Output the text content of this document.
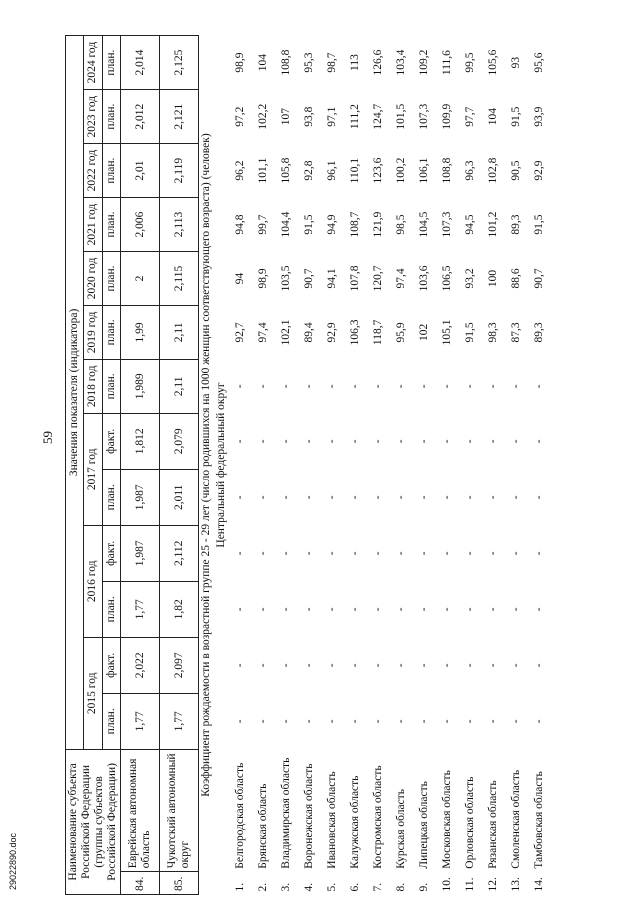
59
Наименование субъекта Российской Федерации (группы субъектов Российской Федерации)		Значения показателя (индикатора)												
		2015 год		2016 год		2017 год		2018 год	2019 год	2020 год	2021 год	2022 год	2023 год	2024 год
		план.	факт.	план.	факт.	план.	факт.	план.	план.	план.	план.	план.	план.	план.
84.	Еврейская автономная область	1,77	2,022	1,77	1,987	1,987	1,812	1,989	1,99	2	2,006	2,01	2,012	2,014
85.	Чукотский автономный округ	1,77	2,097	1,82	2,112	2,011	2,079	2,11	2,11	2,115	2,113	2,119	2,121	2,125
Коэффициент рождаемости в возрастной группе 25 - 29 лет (число родившихся на 1000 женщин соответствующего возраста) (человек)														
Центральный федеральный округ														
1.	Белгородская область	-	-	-	-	-	-	-	92,7	94	94,8	96,2	97,2	98,9
2.	Брянская область	-	-	-	-	-	-	-	97,4	98,9	99,7	101,1	102,2	104
3.	Владимирская область	-	-	-	-	-	-	-	102,1	103,5	104,4	105,8	107	108,8
4.	Воронежская область	-	-	-	-	-	-	-	89,4	90,7	91,5	92,8	93,8	95,3
5.	Ивановская область	-	-	-	-	-	-	-	92,9	94,1	94,9	96,1	97,1	98,7
6.	Калужская область	-	-	-	-	-	-	-	106,3	107,8	108,7	110,1	111,2	113
7.	Костромская область	-	-	-	-	-	-	-	118,7	120,7	121,9	123,6	124,7	126,6
8.	Курская область	-	-	-	-	-	-	-	95,9	97,4	98,5	100,2	101,5	103,4
9.	Липецкая область	-	-	-	-	-	-	-	102	103,6	104,5	106,1	107,3	109,2
10.	Московская область	-	-	-	-	-	-	-	105,1	106,5	107,3	108,8	109,9	111,6
11.	Орловская область	-	-	-	-	-	-	-	91,5	93,2	94,5	96,3	97,7	99,5
12.	Рязанская область	-	-	-	-	-	-	-	98,3	100	101,2	102,8	104	105,6
13.	Смоленская область	-	-	-	-	-	-	-	87,3	88,6	89,3	90,5	91,5	93
14.	Тамбовская область	-	-	-	-	-	-	-	89,3	90,7	91,5	92,9	93,9	95,6
29022890.doc
